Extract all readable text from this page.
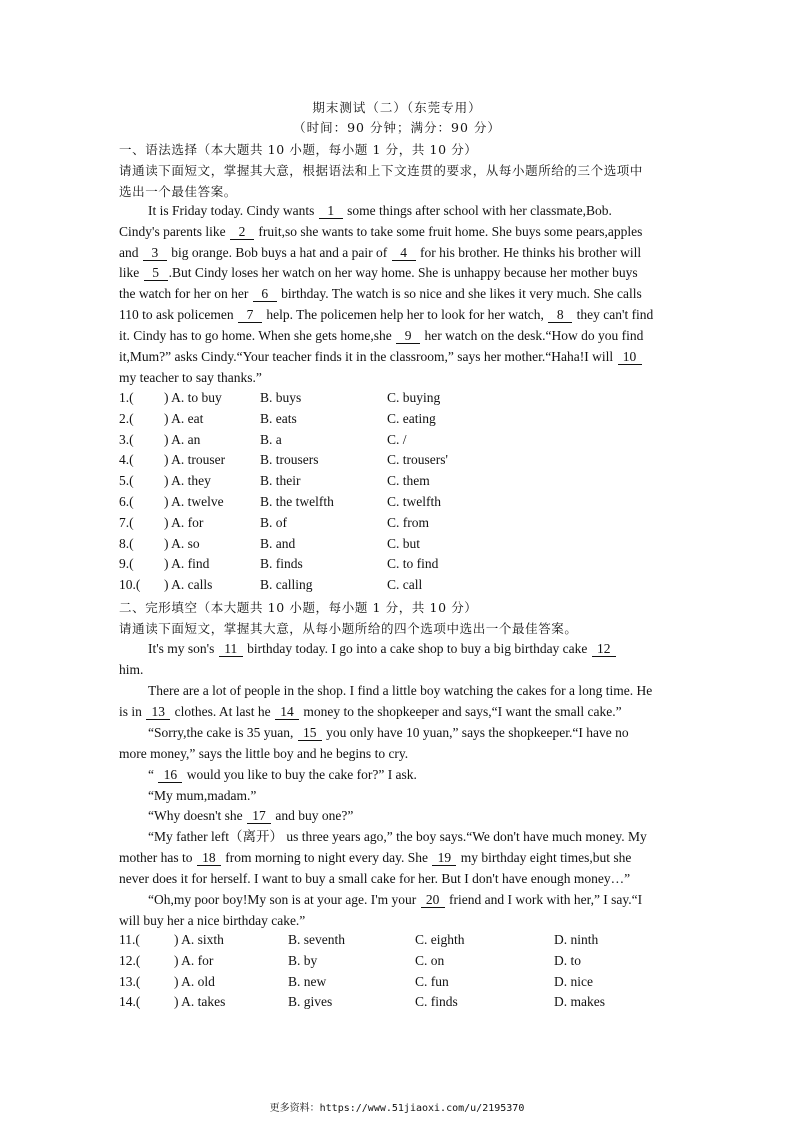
期末测试（二）（东莞专用）
（时间：90 分钟；满分：90 分）
一、语法选择（本大题共 10 小题，每小题 1 分，共 10 分）
请通读下面短文，掌握其大意，根据语法和上下文连贯的要求，从每小题所给的三个选项中
选出一个最佳答案。
It is Friday today. Cindy wants 1 some things after school with her classmate,Bob.
Cindy's parents like 2 fruit,so she wants to take some fruit home. She buys some pears,apples
and 3 big orange. Bob buys a hat and a pair of 4 for his brother. He thinks his brother will
like 5 .But Cindy loses her watch on her way home. She is unhappy because her mother buys
the watch for her on her 6 birthday. The watch is so nice and she likes it very much. She calls
110 to ask policemen 7 help. The policemen help her to look for her watch, 8 they can't find
it. Cindy has to go home. When she gets home,she 9 her watch on the desk.“How do you find
it,Mum?” asks Cindy.“Your teacher finds it in the classroom,” says her mother.“Haha!I will 10
my teacher to say thanks.”
1.( ) A. to buy	B. buys	C. buying
2.( ) A. eat	B. eats	C. eating
3.( ) A. an	B. a	C. /
4.( ) A. trouser	B. trousers	C. trousers'
5.( ) A. they	B. their	C. them
6.( ) A. twelve	B. the twelfth	C. twelfth
7.( ) A. for	B. of	C. from
8.( ) A. so	B. and	C. but
9.( ) A. find	B. finds	C. to find
10.( ) A. calls	B. calling	C. call
二、完形填空（本大题共 10 小题，每小题 1 分，共 10 分）
请通读下面短文，掌握其大意，从每小题所给的四个选项中选出一个最佳答案。
It's my son's 11 birthday today. I go into a cake shop to buy a big birthday cake 12
him.
There are a lot of people in the shop. I find a little boy watching the cakes for a long time. He
is in 13 clothes. At last he 14 money to the shopkeeper and says,“I want the small cake.”
“Sorry,the cake is 35 yuan, 15 you only have 10 yuan,” says the shopkeeper.“I have no
more money,” says the little boy and he begins to cry.
“ 16 would you like to buy the cake for?” I ask.
“My mum,madam.”
“Why doesn't she 17 and buy one?”
“My father left（离开） us three years ago,” the boy says.“We don't have much money. My
mother has to 18 from morning to night every day. She 19 my birthday eight times,but she
never does it for herself. I want to buy a small cake for her. But I don't have enough money…”
“Oh,my poor boy!My son is at your age. I'm your 20 friend and I work with her,” I say.“I
will buy her a nice birthday cake.”
11.(	) A. sixth	B. seventh	C. eighth	D. ninth
12.( ) A. for	B. by	C. on	D. to
13.( ) A. old	B. new	C. fun	D. nice
14.( ) A. takes	B. gives	C. finds	D. makes
更多资料：https://www.51jiaoxi.com/u/2195370
